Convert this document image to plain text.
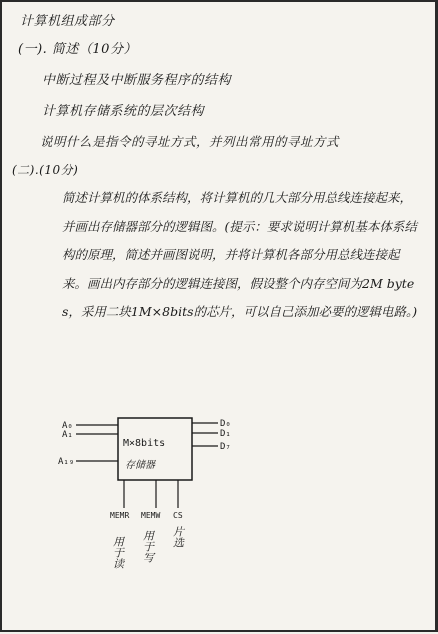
计算机组成部分
(一). 简述（10分）
中断过程及中断服务程序的结构
计算机存储系统的层次结构
说明什么是指令的寻址方式，并列出常用的寻址方式
(二).(10分)
简述计算机的体系结构，将计算机的几大部分用总线连接起来，并画出存储器部分的逻辑图。(提示：要求说明计算机基本体系结构的原理，简述并画图说明，并将计算机各部分用总线连接起来。画出内存部分的逻辑连接图，假设整个内存空间为2M bytes，采用二块1M×8bits的芯片，可以自己添加必要的逻辑电路。)
M×8bits
存储器
A₀
A₁
A₁₉
D₀
D₁
D₇
MEMR MEMW CS
用于读 用于写 片选
